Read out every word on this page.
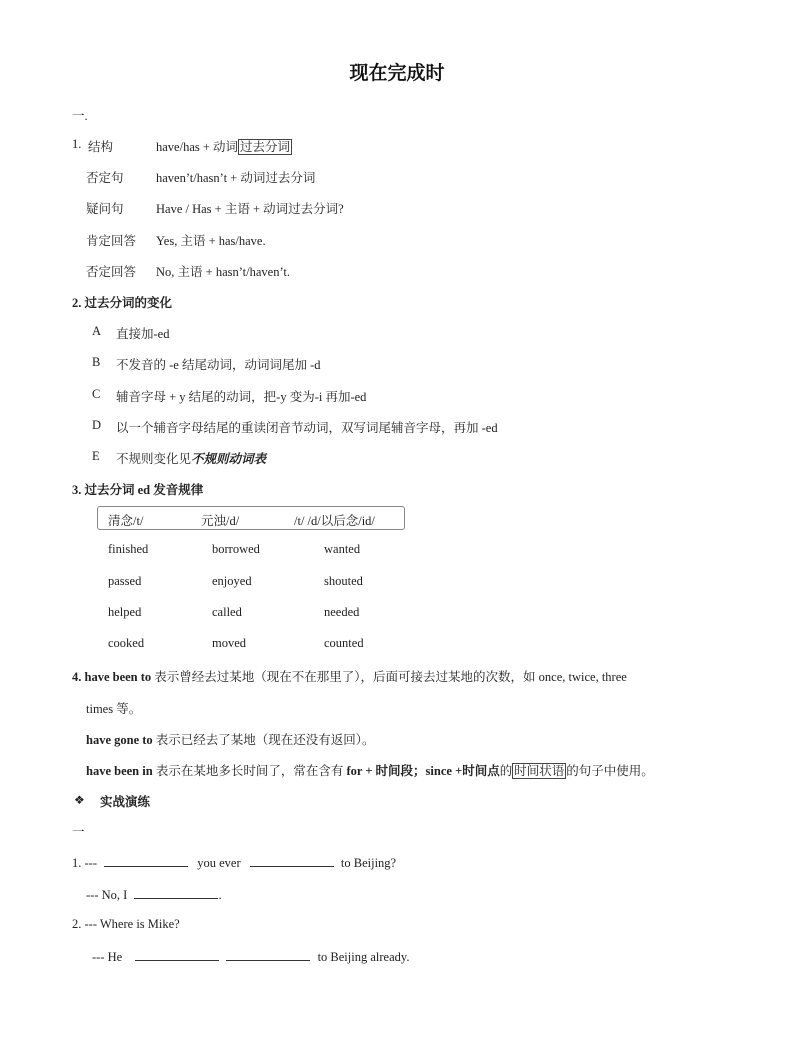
现在完成时
一.
1. 结构	have/has + 动词 过去分词
否定句	haven’t/hasn’t + 动词过去分词
疑问句	Have / Has + 主语 + 动词过去分词?
肯定回答 Yes, 主语 + has/have.
否定回答 No, 主语 + hasn’t/haven’t.
2. 过去分词的变化
A 直接加-ed
B 不发音的 -e 结尾动词，动词词尾加 -d
C 辅音字母 + y 结尾的动词，把-y 变为-i 再加-ed
D 以一个辅音字母结尾的重读闭音节动词，双写词尾辅音字母，再加 -ed
E 不规则变化见不规则动词表
3. 过去分词 ed 发音规律
清念/t/	元浊/d/	/t/ /d/以后念/id/
finished	borrowed	wanted
passed	enjoyed	shouted
helped	called	needed
cooked	moved	counted
4. have been to 表示曾经去过某地（现在不在那里了），后面可接去过某地的次数，如 once, twice, three
times 等。
have gone to 表示已经去了某地（现在还没有返回）。
have been in 表示在某地多长时间了，常在含有 for + 时间段；since +时间点的 时间状语 的句子中使用。
❖ 实战演练
一
1. ---	you ever	to Beijing?
--- No, I	.
2. --- Where is Mike?
--- He	to Beijing already.
